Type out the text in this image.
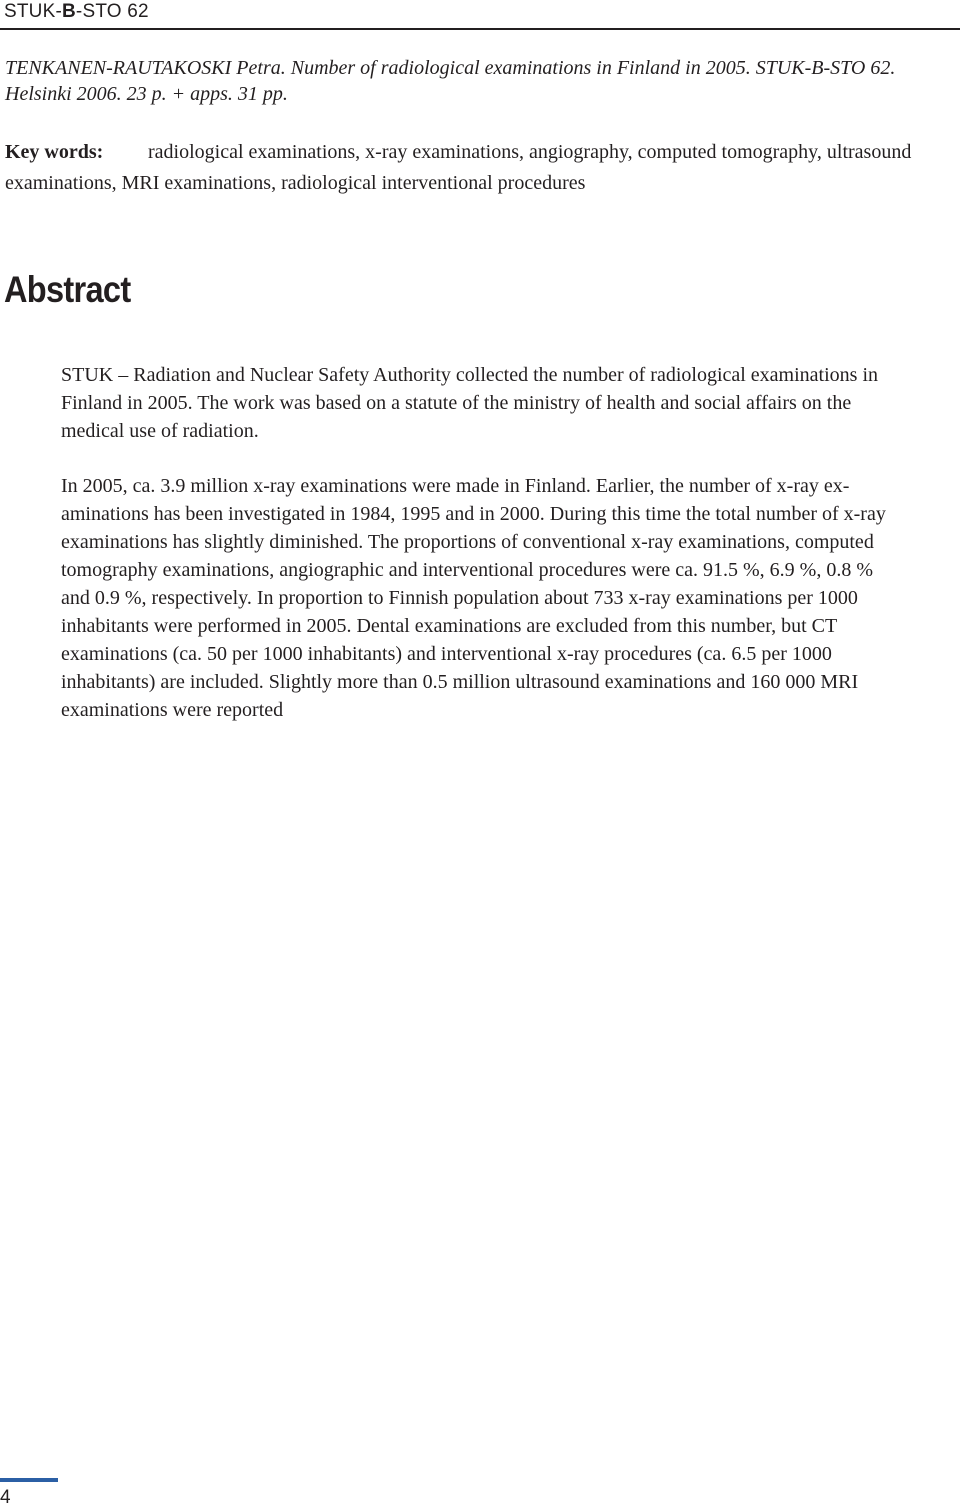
STUK-B-STO 62
TENKANEN-RAUTAKOSKI Petra. Number of radiological examinations in Finland in 2005. STUK-B-STO 62. Helsinki 2006. 23 p. + apps. 31 pp.
Key words: radiological examinations, x-ray examinations, angiography, computed tomography, ultrasound examinations, MRI examinations, radiological interventional procedures
Abstract

STUK – Radiation and Nuclear Safety Authority collected the number of radiological examinations in Finland in 2005. The work was based on a statute of the ministry of health and social affairs on the medical use of radiation.

In 2005, ca. 3.9 million x-ray examinations were made in Finland. Earlier, the number of x-ray ex-aminations has been investigated in 1984, 1995 and in 2000. During this time the total number of x-ray examinations has slightly diminished. The proportions of conventional x-ray examinations, computed tomography examinations, angiographic and interventional procedures were ca. 91.5 %, 6.9 %, 0.8 % and 0.9 %, respectively. In proportion to Finnish population about 733 x-ray examinations per 1000 inhabitants were performed in 2005. Dental examinations are excluded from this number, but CT examinations (ca. 50 per 1000 inhabitants) and interventional x-ray procedures (ca. 6.5 per 1000 inhabitants) are included. Slightly more than 0.5 million ultrasound examinations and 160 000 MRI examinations were reported

4
